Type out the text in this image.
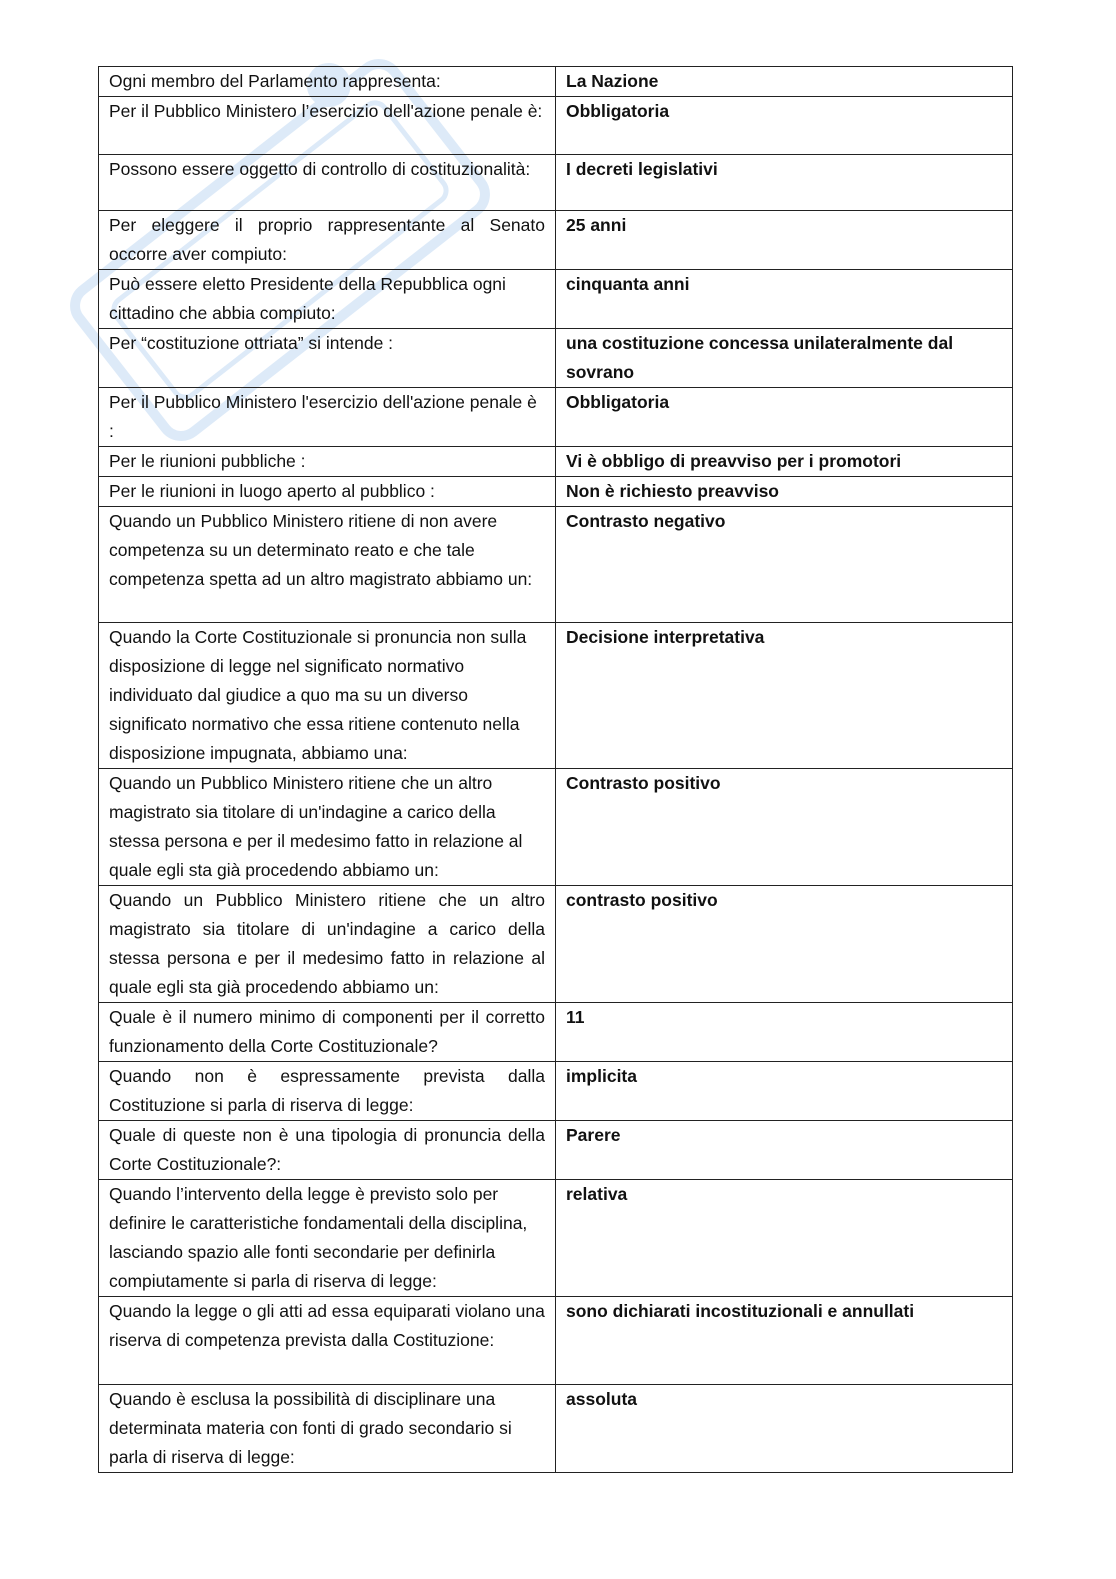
Ogni membro del Parlamento rappresenta:	La Nazione
Per il Pubblico Ministero l’esercizio dell'azione penale è:	Obbligatoria
Possono essere oggetto di controllo di costituzionalità:	I decreti legislativi
Per eleggere il proprio rappresentante al Senato occorre aver compiuto:	25 anni
Può essere eletto Presidente della Repubblica ogni cittadino che abbia compiuto:	cinquanta anni
Per “costituzione ottriata” si intende :	una costituzione concessa unilateralmente dal sovrano
Per il Pubblico Ministero l'esercizio dell'azione penale è :	Obbligatoria
Per le riunioni pubbliche :	Vi è obbligo di preavviso per i promotori
Per le riunioni in luogo aperto al pubblico :	Non è richiesto preavviso
Quando un Pubblico Ministero ritiene di non avere competenza su un determinato reato e che tale competenza spetta ad un altro magistrato abbiamo un:	Contrasto negativo
Quando la Corte Costituzionale si pronuncia non sulla disposizione di legge nel significato normativo individuato dal giudice a quo ma su un diverso significato normativo che essa ritiene contenuto nella disposizione impugnata, abbiamo una:	Decisione interpretativa
Quando un Pubblico Ministero ritiene che un altro magistrato sia titolare di un'indagine a carico della stessa persona e per il medesimo fatto in relazione al quale egli sta già procedendo abbiamo un:	Contrasto positivo
Quando un Pubblico Ministero ritiene che un altro magistrato sia titolare di un'indagine a carico della stessa persona e per il medesimo fatto in relazione al quale egli sta già procedendo abbiamo un:	contrasto positivo
Quale è il numero minimo di componenti per il corretto funzionamento della Corte Costituzionale?	11
Quando non è espressamente prevista dalla Costituzione si parla di riserva di legge:	implicita
Quale di queste non è una tipologia di pronuncia della Corte Costituzionale?:	Parere
Quando l’intervento della legge è previsto solo per definire le caratteristiche fondamentali della disciplina, lasciando spazio alle fonti secondarie per definirla compiutamente si parla di riserva di legge:	relativa
Quando la legge o gli atti ad essa equiparati violano una riserva di competenza prevista dalla Costituzione:	sono dichiarati incostituzionali e annullati
Quando è esclusa la possibilità di disciplinare una determinata materia con fonti di grado secondario si parla di riserva di legge:	assoluta
